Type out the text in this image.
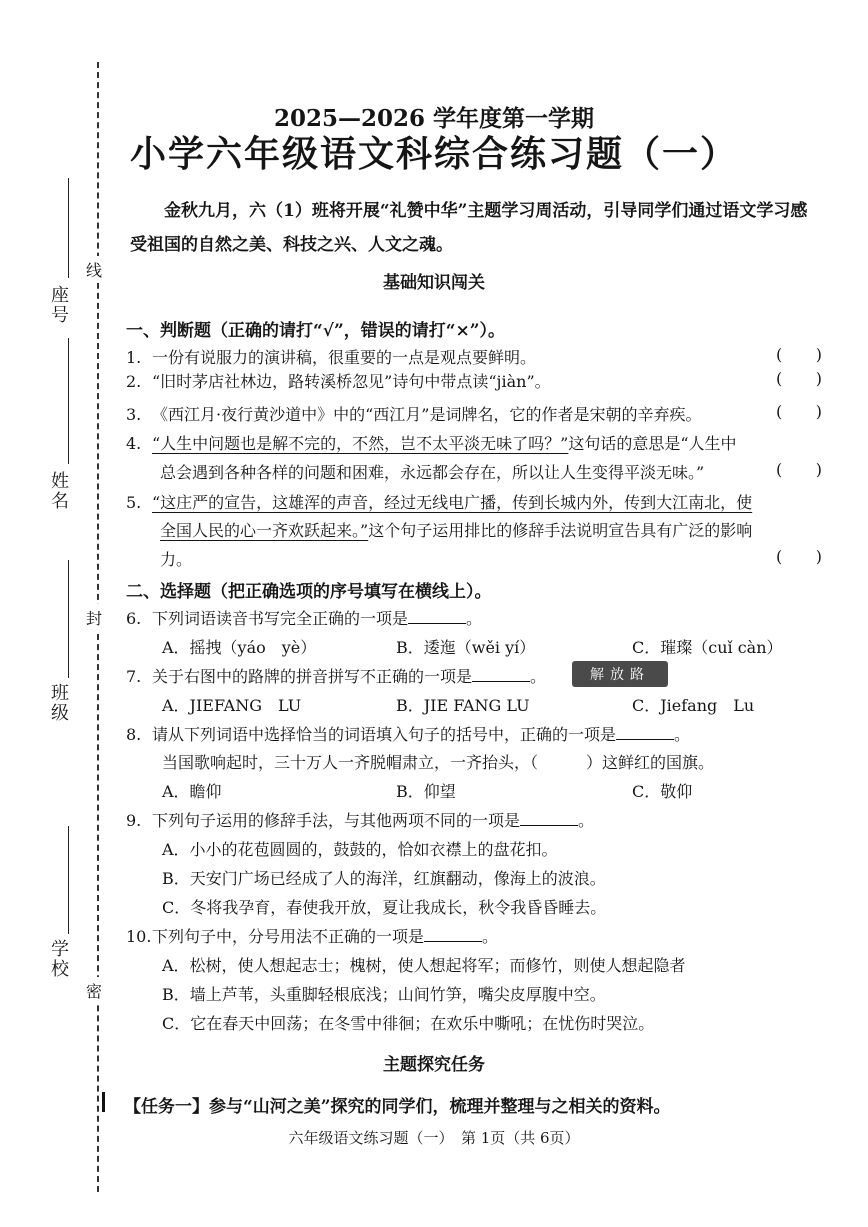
座号
姓名
班级
学校
线
封
密
2025—2026 学年度第一学期
小学六年级语文科综合练习题（一）
金秋九月，六（1）班将开展“礼赞中华”主题学习周活动，引导同学们通过语文学习感受祖国的自然之美、科技之兴、人文之魂。
基础知识闯关
一、判断题（正确的请打“√”，错误的请打“×”）。
1. 一份有说服力的演讲稿，很重要的一点是观点要鲜明。	( )
2. “旧时茅店社林边，路转溪桥忽见”诗句中带点读“jiàn”。	( )
3. 《西江月·夜行黄沙道中》中的“西江月”是词牌名，它的作者是宋朝的辛弃疾。	( )
4. “人生中问题也是解不完的，不然，岂不太平淡无味了吗？”这句话的意思是“人生中
总会遇到各种各样的问题和困难，永远都会存在，所以让人生变得平淡无味。”	( )
5. “这庄严的宣告，这雄浑的声音，经过无线电广播，传到长城内外，传到大江南北，使
全国人民的心一齐欢跃起来。”这个句子运用排比的修辞手法说明宣告具有广泛的影响
力。	( )
二、选择题（把正确选项的序号填写在横线上）。
6. 下列词语读音书写完全正确的一项是	。
A．摇拽（yáo　yè）	B．逶迤（wěi yí）	C．璀璨（cuǐ càn）
7. 关于右图中的路牌的拼音拼写不正确的一项是	。	解放路
A．JIEFANG　LU	B．JIE FANG LU	C．Jiefang　Lu
8. 请从下列词语中选择恰当的词语填入句子的括号中，正确的一项是	。
当国歌响起时，三十万人一齐脱帽肃立，一齐抬头，（　　　）这鲜红的国旗。
A．瞻仰	B．仰望	C．敬仰
9. 下列句子运用的修辞手法，与其他两项不同的一项是	。
A．小小的花苞圆圆的，鼓鼓的，恰如衣襟上的盘花扣。
B．天安门广场已经成了人的海洋，红旗翻动，像海上的波浪。
C．冬将我孕育，春使我开放，夏让我成长，秋令我昏昏睡去。
10.下列句子中，分号用法不正确的一项是	。
A．松树，使人想起志士；槐树，使人想起将军；而修竹，则使人想起隐者
B．墙上芦苇，头重脚轻根底浅；山间竹笋，嘴尖皮厚腹中空。
C．它在春天中回荡；在冬雪中徘徊；在欢乐中嘶吼；在忧伤时哭泣。
主题探究任务
【任务一】参与“山河之美”探究的同学们，梳理并整理与之相关的资料。
六年级语文练习题（一）　第 1页（共 6页）
